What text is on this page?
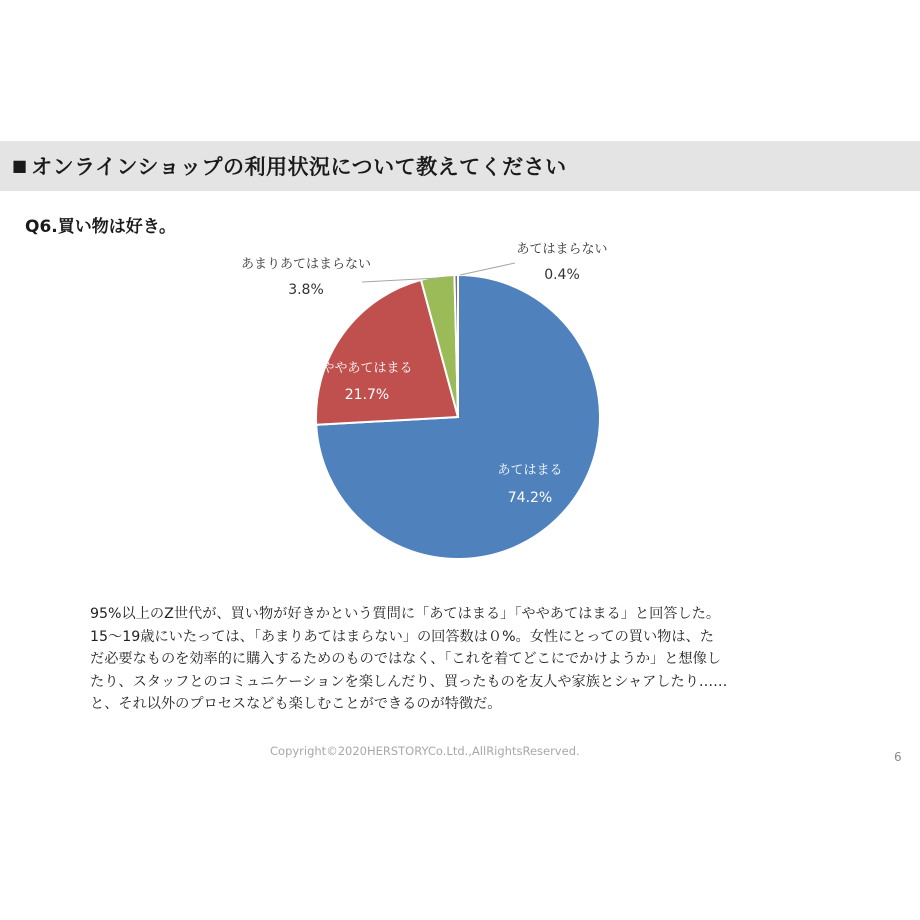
■ オンラインショップの利用状況について教えてください
Q6.買い物は好き。
あてはまる
74.2%
ややあてはまる
21.7%
あまりあてはまらない
3.8%
あてはまらない
0.4%
95%以上のZ世代が、買い物が好きかという質問に「あてはまる」「ややあてはまる」と回答した。
15〜19歳にいたっては、「あまりあてはまらない」の回答数は０%。女性にとっての買い物は、た
だ必要なものを効率的に購入するためのものではなく、「これを着てどこにでかけようか」と想像し
たり、スタッフとのコミュニケーションを楽しんだり、買ったものを友人や家族とシャアしたり……
と、それ以外のプロセスなども楽しむことができるのが特徴だ。
Copyright©2020HERSTORYCo.Ltd.,AllRightsReserved.	6
